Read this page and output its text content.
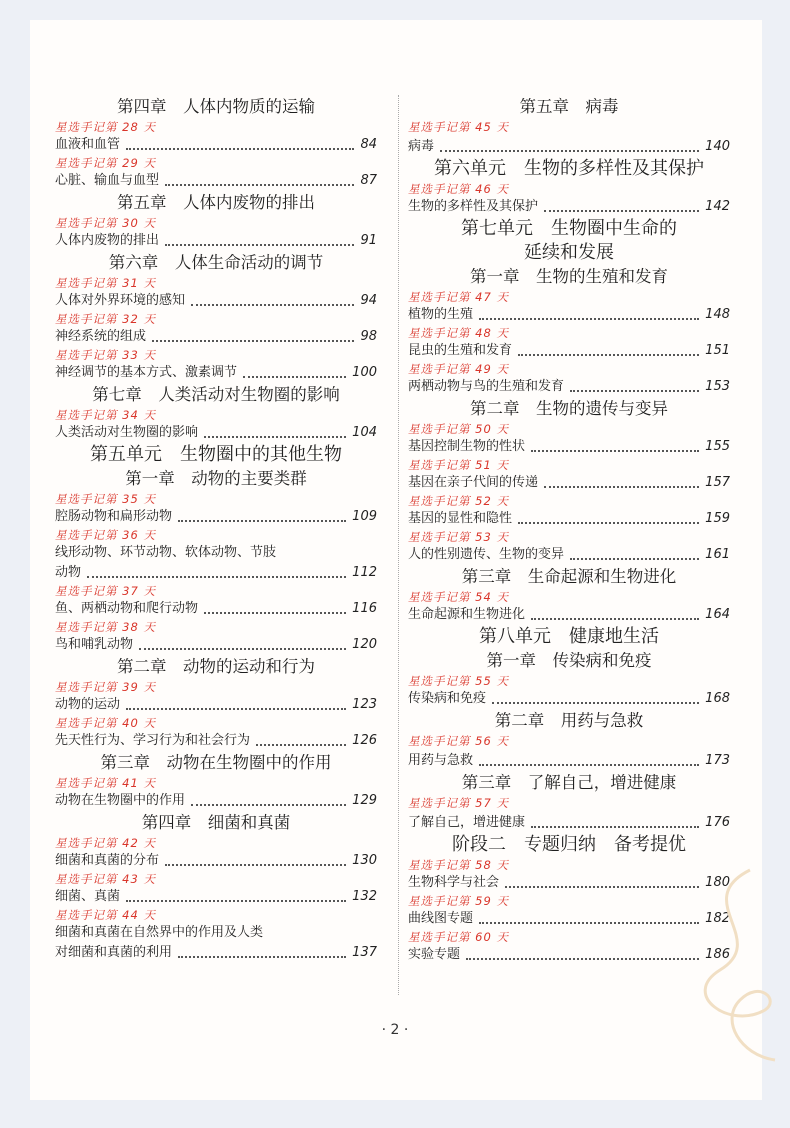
第四章　人体内物质的运输
星选手记第 28 天
血液和血管	84
星选手记第 29 天
心脏、输血与血型	87
第五章　人体内废物的排出
星选手记第 30 天
人体内废物的排出	91
第六章　人体生命活动的调节
星选手记第 31 天
人体对外界环境的感知	94
星选手记第 32 天
神经系统的组成	98
星选手记第 33 天
神经调节的基本方式、激素调节	100
第七章　人类活动对生物圈的影响
星选手记第 34 天
人类活动对生物圈的影响	104
第五单元　生物圈中的其他生物
第一章　动物的主要类群
星选手记第 35 天
腔肠动物和扁形动物	109
星选手记第 36 天
线形动物、环节动物、软体动物、节肢
动物	112
星选手记第 37 天
鱼、两栖动物和爬行动物	116
星选手记第 38 天
鸟和哺乳动物	120
第二章　动物的运动和行为
星选手记第 39 天
动物的运动	123
星选手记第 40 天
先天性行为、学习行为和社会行为	126
第三章　动物在生物圈中的作用
星选手记第 41 天
动物在生物圈中的作用	129
第四章　细菌和真菌
星选手记第 42 天
细菌和真菌的分布	130
星选手记第 43 天
细菌、真菌	132
星选手记第 44 天
细菌和真菌在自然界中的作用及人类
对细菌和真菌的利用	137
第五章　病毒
星选手记第 45 天
病毒	140
第六单元　生物的多样性及其保护
星选手记第 46 天
生物的多样性及其保护	142
第七单元　生物圈中生命的
延续和发展
第一章　生物的生殖和发育
星选手记第 47 天
植物的生殖	148
星选手记第 48 天
昆虫的生殖和发育	151
星选手记第 49 天
两栖动物与鸟的生殖和发育	153
第二章　生物的遗传与变异
星选手记第 50 天
基因控制生物的性状	155
星选手记第 51 天
基因在亲子代间的传递	157
星选手记第 52 天
基因的显性和隐性	159
星选手记第 53 天
人的性别遗传、生物的变异	161
第三章　生命起源和生物进化
星选手记第 54 天
生命起源和生物进化	164
第八单元　健康地生活
第一章　传染病和免疫
星选手记第 55 天
传染病和免疫	168
第二章　用药与急救
星选手记第 56 天
用药与急救	173
第三章　了解自己，增进健康
星选手记第 57 天
了解自己，增进健康	176
阶段二　专题归纳　备考提优
星选手记第 58 天
生物科学与社会	180
星选手记第 59 天
曲线图专题	182
星选手记第 60 天
实验专题	186
· 2 ·
